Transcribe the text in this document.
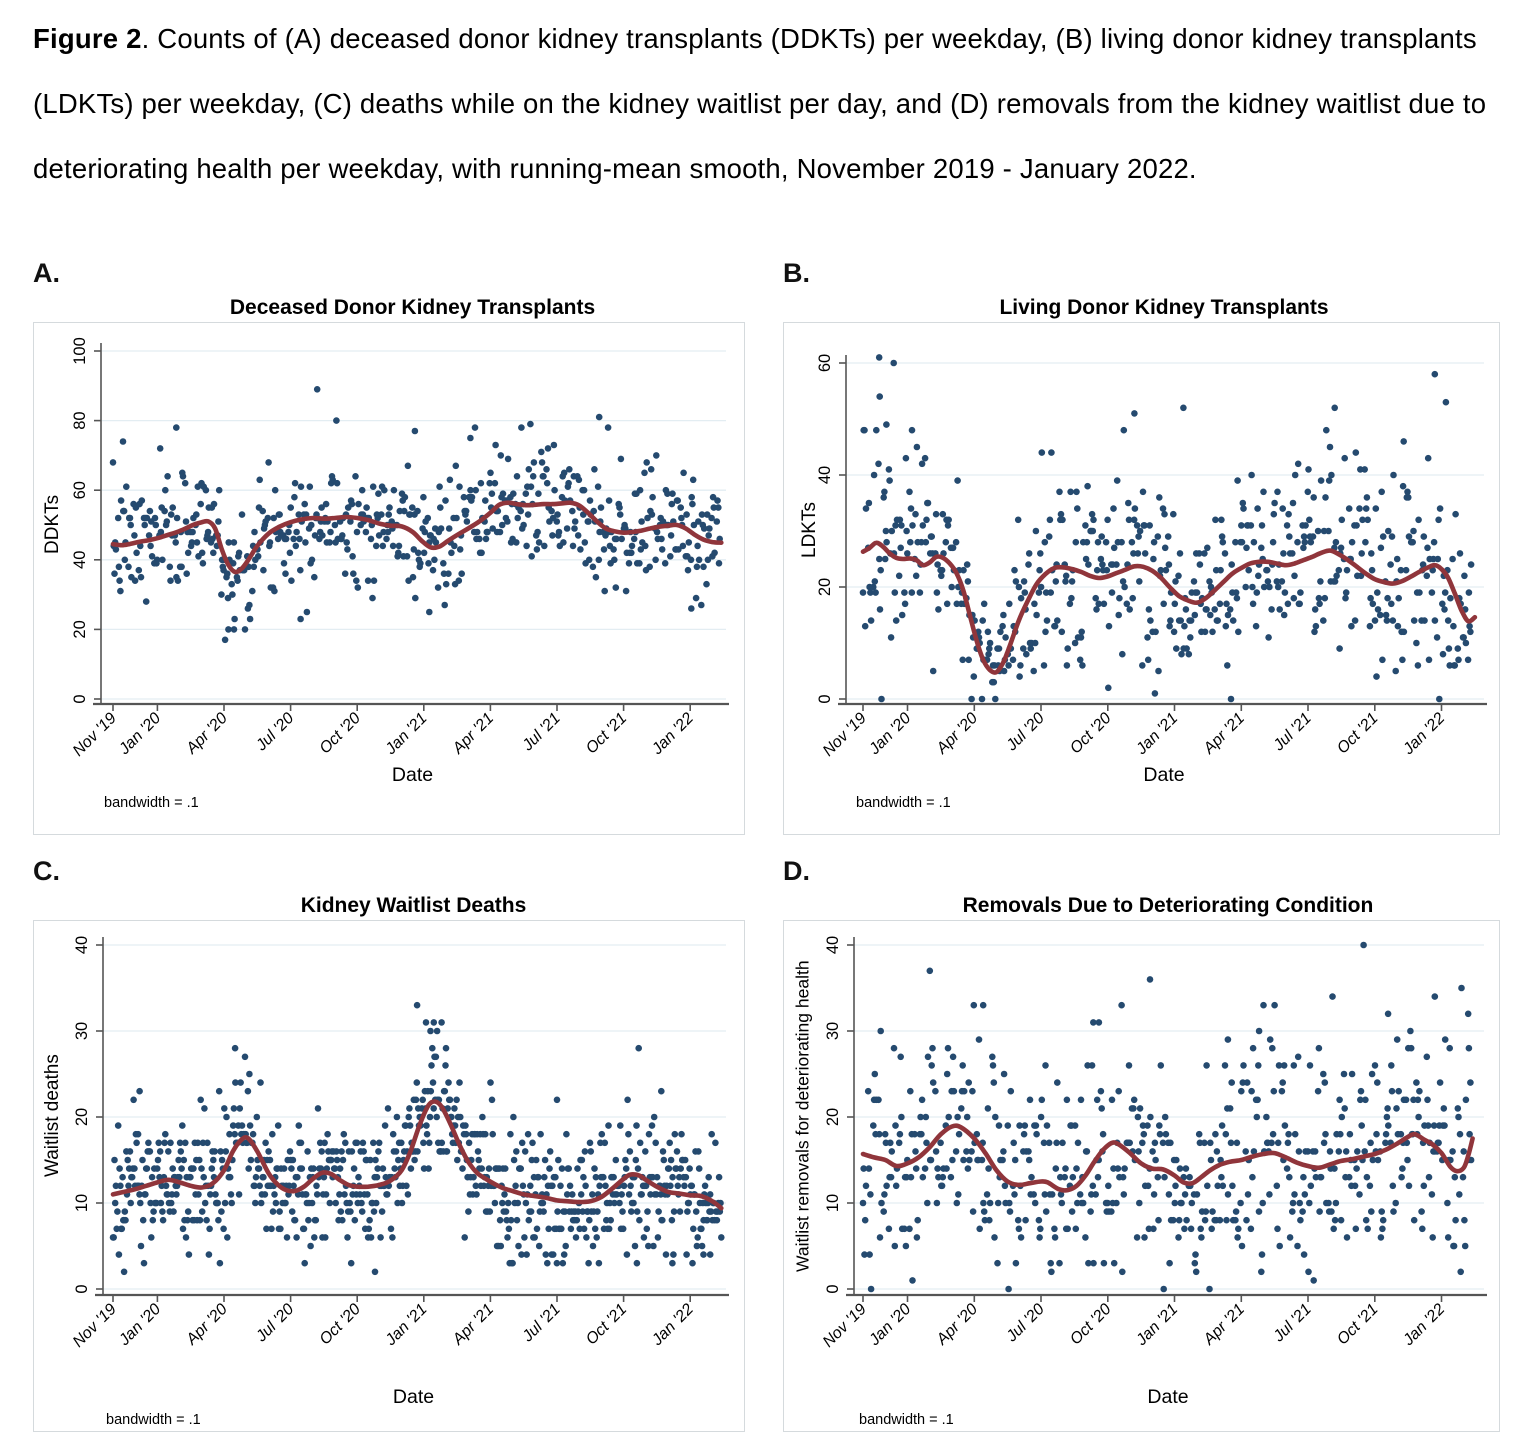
Figure 2. Counts of (A) deceased donor kidney transplants (DDKTs) per weekday, (B) living donor kidney transplants (LDKTs) per weekday, (C) deaths while on the kidney waitlist per day, and (D) removals from the kidney waitlist due to deteriorating health per weekday, with running-mean smooth, November 2019 - January 2022.
A.
Deceased Donor Kidney Transplants
0
20
40
60
80
100
Nov '19
Jan '20 Apr '20 Jul '20 Oct '20 Jan '21 Apr '21 Jul '21 Oct '21 Jan '22
DDKTs
Date
bandwidth = .1
B.
Living Donor Kidney Transplants
0
20
40
60
Nov '19
Jan '20 Apr '20 Jul '20 Oct '20 Jan '21 Apr '21 Jul '21 Oct '21 Jan '22
LDKTs
Date
bandwidth = .1
C.
Kidney Waitlist Deaths
0
10
20
30
40
Nov '19
Jan '20 Apr '20 Jul '20 Oct '20 Jan '21 Apr '21 Jul '21 Oct '21 Jan '22
Waitlist deaths
Date
bandwidth = .1
D.
Removals Due to Deteriorating Condition
0
10
20
30
40
Nov '19
Jan '20 Apr '20 Jul '20 Oct '20 Jan '21 Apr '21 Jul '21 Oct '21 Jan '22
Waitlist removals for deteriorating health
Date
bandwidth = .1
